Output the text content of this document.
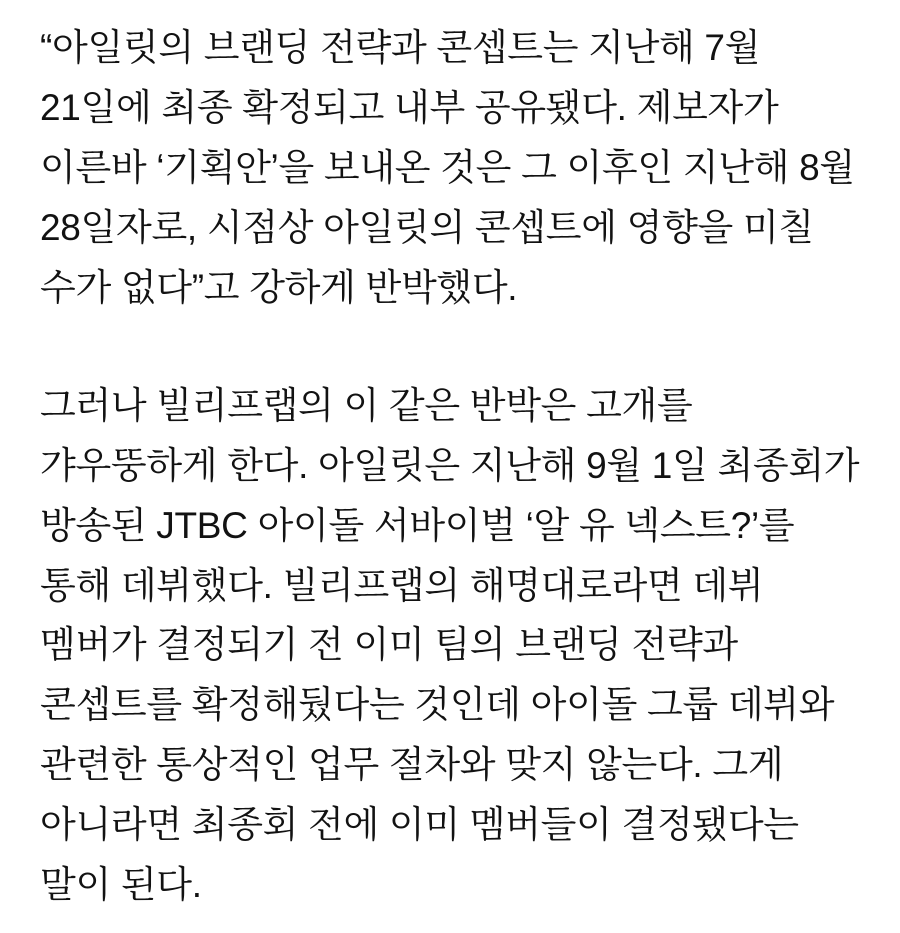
“아일릿의 브랜딩 전략과 콘셉트는 지난해 7월 21일에 최종 확정되고 내부 공유됐다. 제보자가 이른바 ‘기획안’을 보내온 것은 그 이후인 지난해 8월 28일자로, 시점상 아일릿의 콘셉트에 영향을 미칠 수가 없다”고 강하게 반박했다.

그러나 빌리프랩의 이 같은 반박은 고개를 갸우뚱하게 한다. 아일릿은 지난해 9월 1일 최종회가 방송된 JTBC 아이돌 서바이벌 ‘알 유 넥스트?’를 통해 데뷔했다. 빌리프랩의 해명대로라면 데뷔 멤버가 결정되기 전 이미 팀의 브랜딩 전략과 콘셉트를 확정해뒀다는 것인데 아이돌 그룹 데뷔와 관련한 통상적인 업무 절차와 맞지 않는다. 그게 아니라면 최종회 전에 이미 멤버들이 결정됐다는 말이 된다.
